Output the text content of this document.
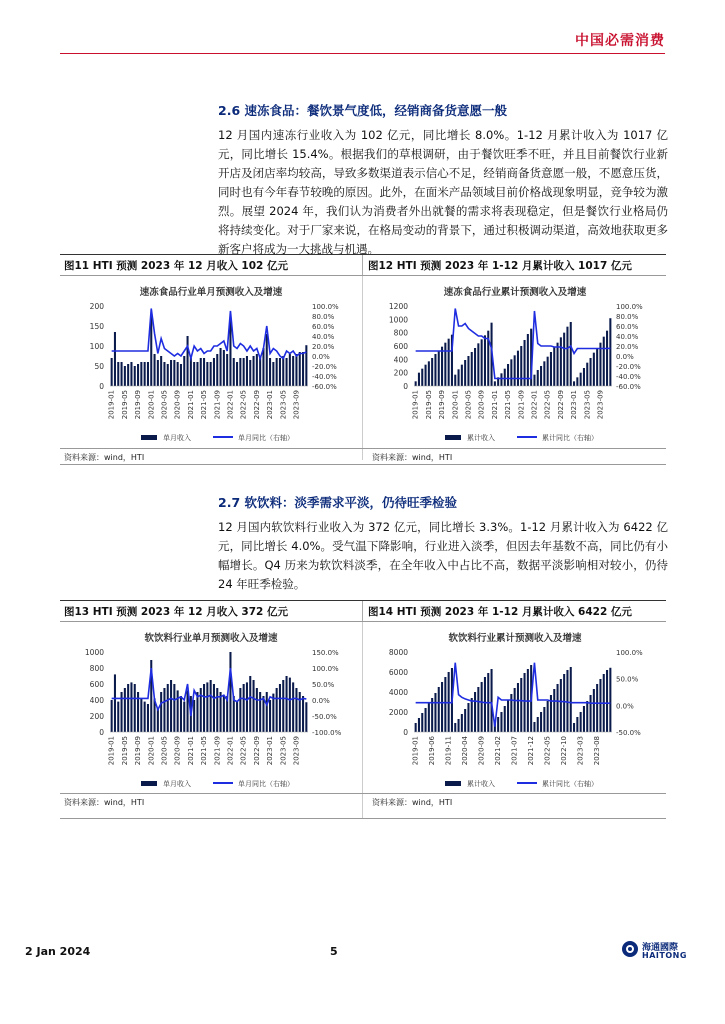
中国必需消费
2.6 速冻食品：餐饮景气度低，经销商备货意愿一般
12 月国内速冻行业收入为 102 亿元，同比增长 8.0%。1-12 月累计收入为 1017 亿元，同比增长 15.4%。根据我们的草根调研，由于餐饮旺季不旺，并且目前餐饮行业新开店及闭店率均较高，导致多数渠道表示信心不足，经销商备货意愿一般，不愿意压货，同时也有今年春节较晚的原因。此外，在面米产品领域目前价格战现象明显，竞争较为激烈。展望 2024 年，我们认为消费者外出就餐的需求将表现稳定，但是餐饮行业格局仍将持续变化。对于厂家来说，在格局变动的背景下，通过积极调动渠道，高效地获取更多新客户将成为一大挑战与机遇。
图11 HTI 预测 2023 年 12 月收入 102 亿元	图12 HTI 预测 2023 年 1-12 月累计收入 1017 亿元
速冻食品行业单月预测收入及增速
200
150
100
50
0
100.0%
80.0%
60.0%
40.0%
20.0%
0.0%
-20.0%
-40.0%
-60.0%
2019-01 2019-05 2019-09 2020-01 2020-05 2020-09 2021-01 2021-05 2021-09 2022-01 2022-05 2022-09 2023-01 2023-05 2023-09
单月收入	单月同比（右轴）
速冻食品行业累计预测收入及增速
1200
1000
800
600
400
200
0
100.0%
80.0%
60.0%
40.0%
20.0%
0.0%
-20.0%
-40.0%
-60.0%
2019-01 2019-05 2019-09 2020-01 2020-05 2020-09 2021-01 2021-05 2021-09 2022-01 2022-05 2022-09 2023-01 2023-05 2023-09
累计收入	累计同比（右轴）
资料来源：wind，HTI	资料来源：wind，HTI
2.7 软饮料：淡季需求平淡，仍待旺季检验
12 月国内软饮料行业收入为 372 亿元，同比增长 3.3%。1-12 月累计收入为 6422 亿元，同比增长 4.0%。受气温下降影响，行业进入淡季，但因去年基数不高，同比仍有小幅增长。Q4 历来为软饮料淡季，在全年收入中占比不高，数据平淡影响相对较小，仍待 24 年旺季检验。
图13 HTI 预测 2023 年 12 月收入 372 亿元	图14 HTI 预测 2023 年 1-12 月累计收入 6422 亿元
软饮料行业单月预测收入及增速
1000
800
600
400
200
0
150.0%
100.0%
50.0%
0.0%
-50.0%
-100.0%
2019-01 2019-05 2019-09 2020-01 2020-05 2020-09 2021-01 2021-05 2021-09 2022-01 2022-05 2022-09 2023-01 2023-05 2023-09
单月收入	单月同比（右轴）
软饮料行业累计预测收入及增速
8000
6000
4000
2000
0
100.0%
50.0%
0.0%
-50.0%
2019-01 2019-06 2019-11 2020-04 2020-09 2021-02 2021-07 2021-12 2022-05 2022-10 2023-03 2023-08
累计收入	累计同比（右轴）
资料来源：wind，HTI	资料来源：wind，HTI
2 Jan 2024	5	海通國際
HAITONG
